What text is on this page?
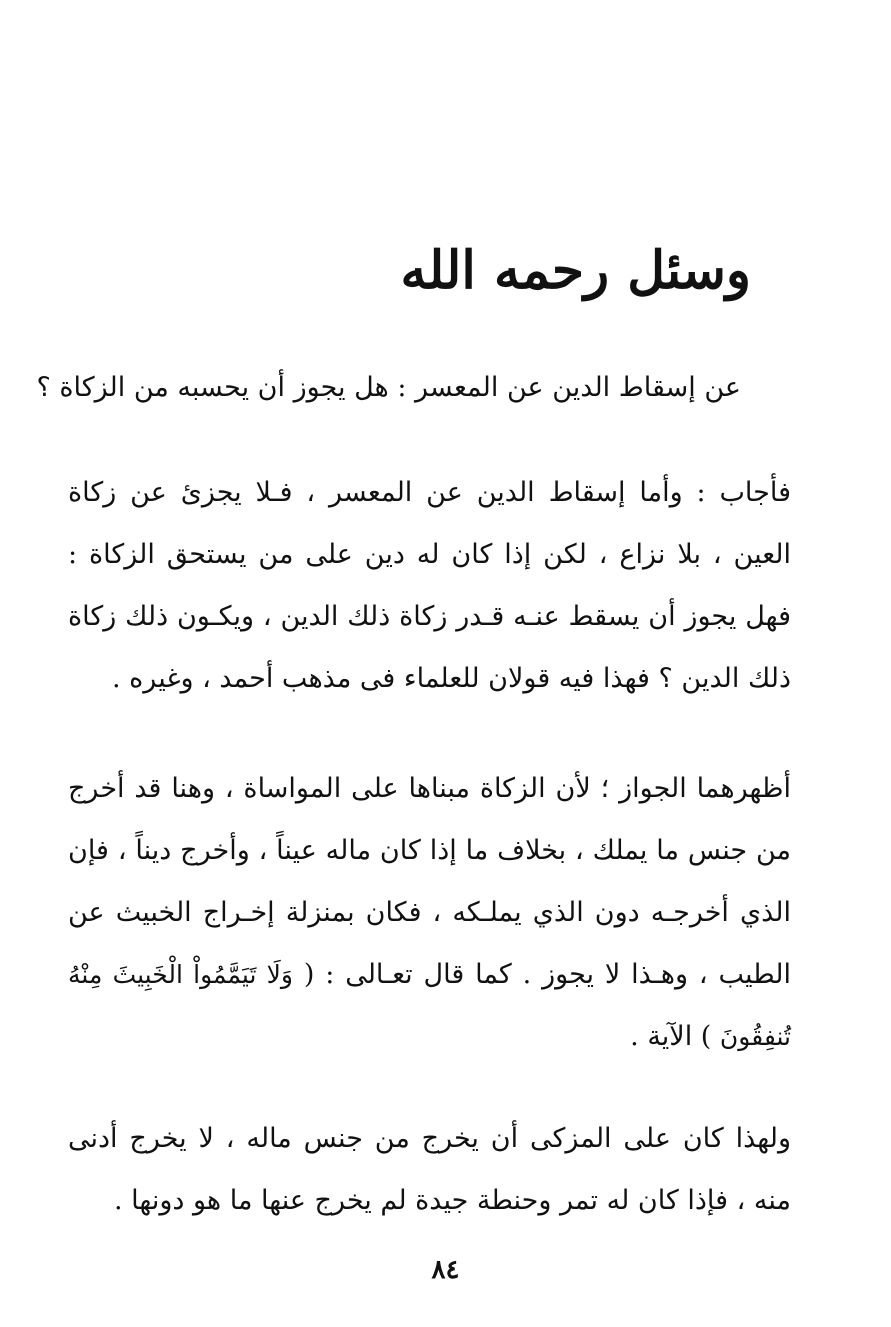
وسئل رحمه الله
عن إسقاط الدين عن المعسر : هل يجوز أن يحسبه من الزكاة ؟

فأجاب : وأما إسقاط الدين عن المعسر ، فـلا يجزئ عن زكاة العين ، بلا نزاع ، لكن إذا كان له دين على من يستحق الزكاة : فهل يجوز أن يسقط عنـه قـدر زكاة ذلك الدين ، ويكـون ذلك زكاة ذلك الدين ؟ فهذا فيه قولان للعلماء فى مذهب أحمد ، وغيره .

أظهرهما الجواز ؛ لأن الزكاة مبناها على المواساة ، وهنا قد أخرج من جنس ما يملك ، بخلاف ما إذا كان ماله عيناً ، وأخرج ديناً ، فإن الذي أخرجـه دون الذي يملـكه ، فكان بمنزلة إخـراج الخبيث عن الطيب ، وهـذا لا يجوز . كما قال تعـالى : ( وَلَا تَيَمَّمُواْ الْخَبِيثَ مِنْهُ تُنفِقُونَ ) الآية .

ولهذا كان على المزكى أن يخرج من جنس ماله ، لا يخرج أدنى منه ، فإذا كان له تمر وحنطة جيدة لم يخرج عنها ما هو دونها .

٨٤
